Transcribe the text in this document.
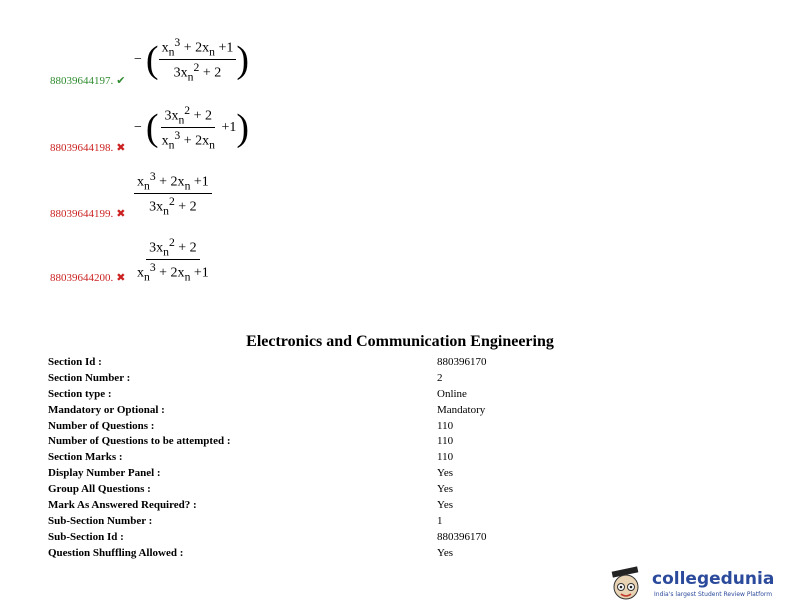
− ( $\frac{x_n^3 + 2x_n +1}{3x_n^2 + 2}$ )
88039644197. ✔
− ( $\frac{3x_n^2 + 2}{x_n^3 + 2x_n} +1$)
88039644198. ✖
$\frac{x_n^3 + 2x_n +1}{3x_n^2 + 2}$
88039644199. ✖
$\frac{3x_n^2 + 2}{x_n^3 + 2x_n +1}$
88039644200. ✖
Electronics and Communication Engineering
Section Id :	880396170
Section Number :	2
Section type :	Online
Mandatory or Optional :	Mandatory
Number of Questions :	110
Number of Questions to be attempted :	110
Section Marks :	110
Display Number Panel :	Yes
Group All Questions :	Yes
Mark As Answered Required? :	Yes
Sub-Section Number :	1
Sub-Section Id :	880396170
Question Shuffling Allowed :	Yes
collegedunia
India's largest Student Review Platform
